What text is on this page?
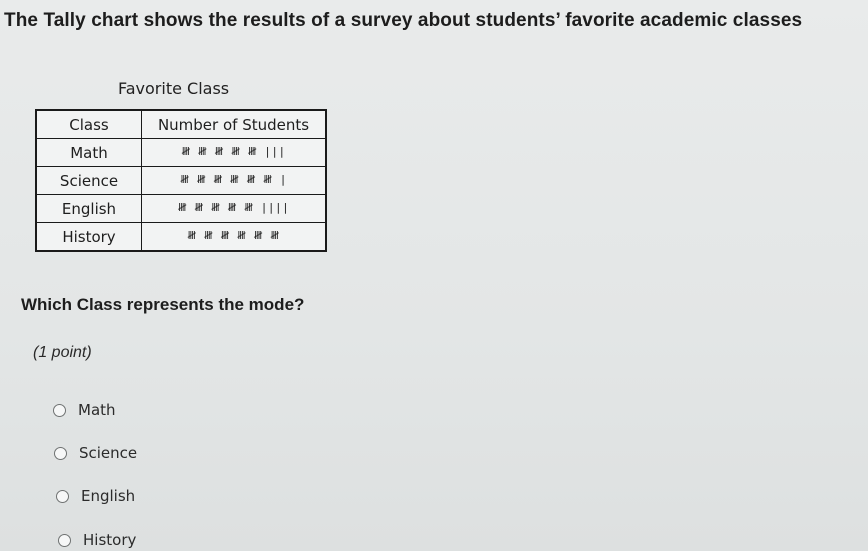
The Tally chart shows the results of a survey about students’ favorite academic classes
Favorite Class
Class	Number of Students
Math	𝍸 𝍸 𝍸 𝍸 𝍸 |||
Science	𝍸 𝍸 𝍸 𝍸 𝍸 𝍸 |
English	𝍸 𝍸 𝍸 𝍸 𝍸 ||||
History	𝍸 𝍸 𝍸 𝍸 𝍸 𝍸
Which Class represents the mode?
(1 point)
Math
Science
English
History
